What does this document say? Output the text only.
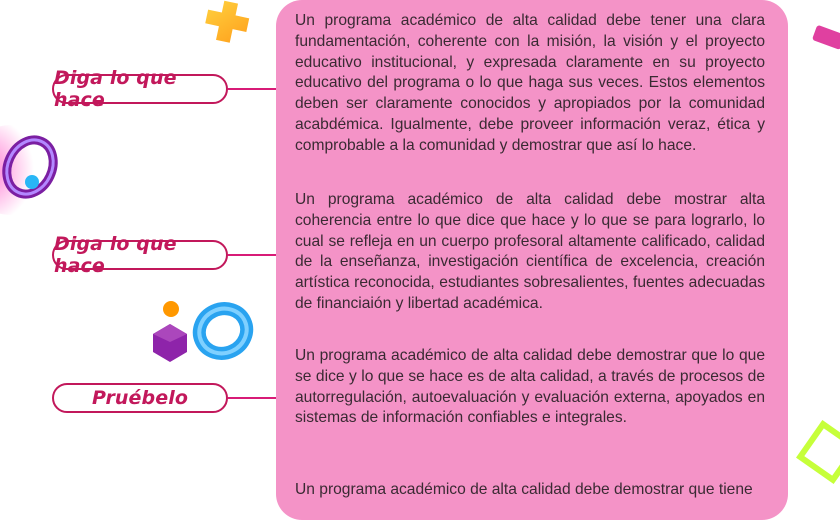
Diga lo que hace
Diga lo que hace
Pruébelo
Un programa académico de alta calidad debe tener una clara fundamentación, coherente con la misión, la visión y el proyecto educativo institucional, y expresada claramente en su proyecto educativo del programa o lo que haga sus veces. Estos elementos deben ser claramente conocidos y apropiados por la comunidad acabdémica. Igualmente, debe proveer información veraz, ética y comprobable a la comunidad y demostrar que así lo hace.
Un programa académico de alta calidad debe mostrar alta coherencia entre lo que dice que hace y lo que se para lograrlo, lo cual se refleja en un cuerpo profesoral altamente calificado, calidad de la enseñanza, investigación científica de excelencia, creación artística reconocida, estudiantes sobresalientes, fuentes adecuadas de financiaión y libertad académica.
Un programa académico de alta calidad debe demostrar que lo que se dice y lo que se hace es de alta calidad, a través de procesos de autorregulación, autoevaluación y evaluación externa, apoyados en sistemas de información confiables e integrales.
Un programa académico de alta calidad debe demostrar que tiene
